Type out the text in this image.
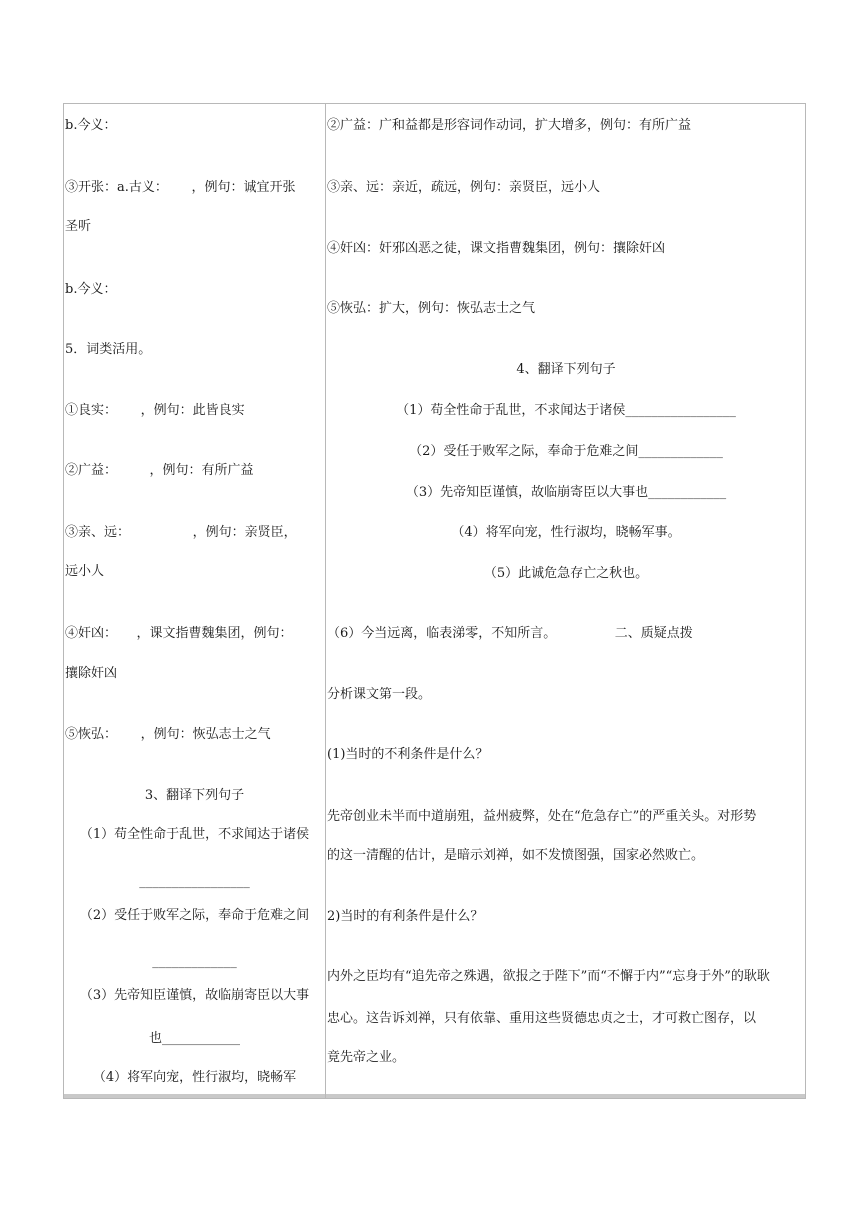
b.今义：
③开张：a.古义：　　 ，例句：诚宜开张
圣听
b.今义：
5．词类活用。
①良实：　　 ，例句：此皆良实
②广益：　　　，例句：有所广益
③亲、远：　　　　　 ，例句：亲贤臣，
远小人
④奸凶：　　，课文指曹魏集团，例句：
攘除奸凶
⑤恢弘：　　 ，例句：恢弘志士之气
3、翻译下列句子
（1）苟全性命于乱世，不求闻达于诸侯
_________________
（2）受任于败军之际，奉命于危难之间
_____________
（3）先帝知臣谨慎，故临崩寄臣以大事
也____________
（4）将军向宠，性行淑均，晓畅军
②广益：广和益都是形容词作动词，扩大增多，例句：有所广益
③亲、远：亲近，疏远，例句：亲贤臣，远小人
④奸凶：奸邪凶恶之徒，课文指曹魏集团，例句：攘除奸凶
⑤恢弘：扩大，例句：恢弘志士之气
4、翻译下列句子
（1）苟全性命于乱世，不求闻达于诸侯_________________
（2）受任于败军之际，奉命于危难之间_____________
（3）先帝知臣谨慎，故临崩寄臣以大事也____________
（4）将军向宠，性行淑均，晓畅军事。
（5）此诚危急存亡之秋也。
（6）今当远离，临表涕零，不知所言。　　　　　二、质疑点拨
分析课文第一段。
(1)当时的不利条件是什么？
先帝创业未半而中道崩殂，益州疲弊，处在“危急存亡”的严重关头。对形势
的这一清醒的估计，是暗示刘禅，如不发愤图强，国家必然败亡。
2)当时的有利条件是什么？
内外之臣均有“追先帝之殊遇，欲报之于陛下”而“不懈于内”“忘身于外”的耿耿
忠心。这告诉刘禅，只有依靠、重用这些贤德忠贞之士，才可救亡图存，以
竟先帝之业。
